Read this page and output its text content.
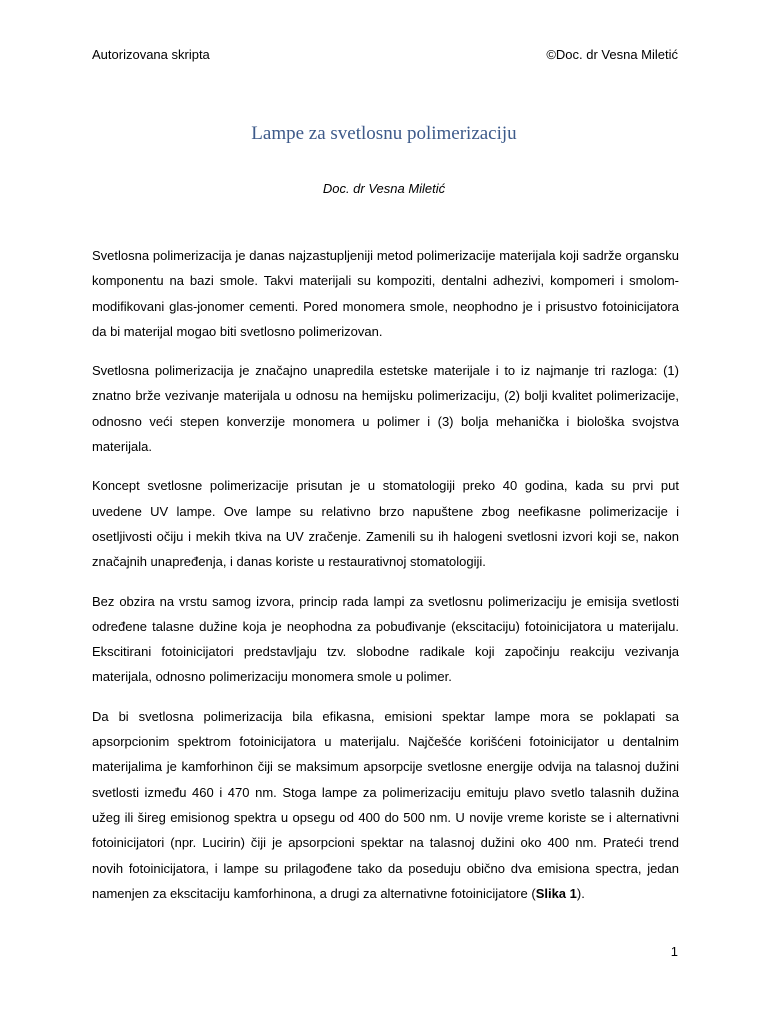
Autorizovana skripta	©Doc. dr Vesna Miletić
Lampe za svetlosnu polimerizaciju
Doc. dr Vesna Miletić

Svetlosna polimerizacija je danas najzastupljeniji metod polimerizacije materijala koji sadrže organsku komponentu na bazi smole. Takvi materijali su kompoziti, dentalni adhezivi, kompomeri i smolom-modifikovani glas-jonomer cementi. Pored monomera smole, neophodno je i prisustvo fotoinicijatora da bi materijal mogao biti svetlosno polimerizovan.

Svetlosna polimerizacija je značajno unapredila estetske materijale i to iz najmanje tri razloga: (1) znatno brže vezivanje materijala u odnosu na hemijsku polimerizaciju, (2) bolji kvalitet polimerizacije, odnosno veći stepen konverzije monomera u polimer i (3) bolja mehanička i biološka svojstva materijala.

Koncept svetlosne polimerizacije prisutan je u stomatologiji preko 40 godina, kada su prvi put uvedene UV lampe. Ove lampe su relativno brzo napuštene zbog neefikasne polimerizacije i osetljivosti očiju i mekih tkiva na UV zračenje. Zamenili su ih halogeni svetlosni izvori koji se, nakon značajnih unapređenja, i danas koriste u restaurativnoj stomatologiji.

Bez obzira na vrstu samog izvora, princip rada lampi za svetlosnu polimerizaciju je emisija svetlosti određene talasne dužine koja je neophodna za pobuđivanje (ekscitaciju) fotoinicijatora u materijalu. Ekscitirani fotoinicijatori predstavljaju tzv. slobodne radikale koji započinju reakciju vezivanja materijala, odnosno polimerizaciju monomera smole u polimer.

Da bi svetlosna polimerizacija bila efikasna, emisioni spektar lampe mora se poklapati sa apsorpcionim spektrom fotoinicijatora u materijalu. Najčešće korišćeni fotoinicijator u dentalnim materijalima je kamforhinon čiji se maksimum apsorpcije svetlosne energije odvija na talasnoj dužini svetlosti između 460 i 470 nm. Stoga lampe za polimerizaciju emituju plavo svetlo talasnih dužina užeg ili šireg emisionog spektra u opsegu od 400 do 500 nm. U novije vreme koriste se i alternativni fotoinicijatori (npr. Lucirin) čiji je apsorpcioni spektar na talasnoj dužini oko 400 nm. Prateći trend novih fotoinicijatora, i lampe su prilagođene tako da poseduju obično dva emisiona spectra, jedan namenjen za ekscitaciju kamforhinona, a drugi za alternativne fotoinicijatore (Slika 1).

1
